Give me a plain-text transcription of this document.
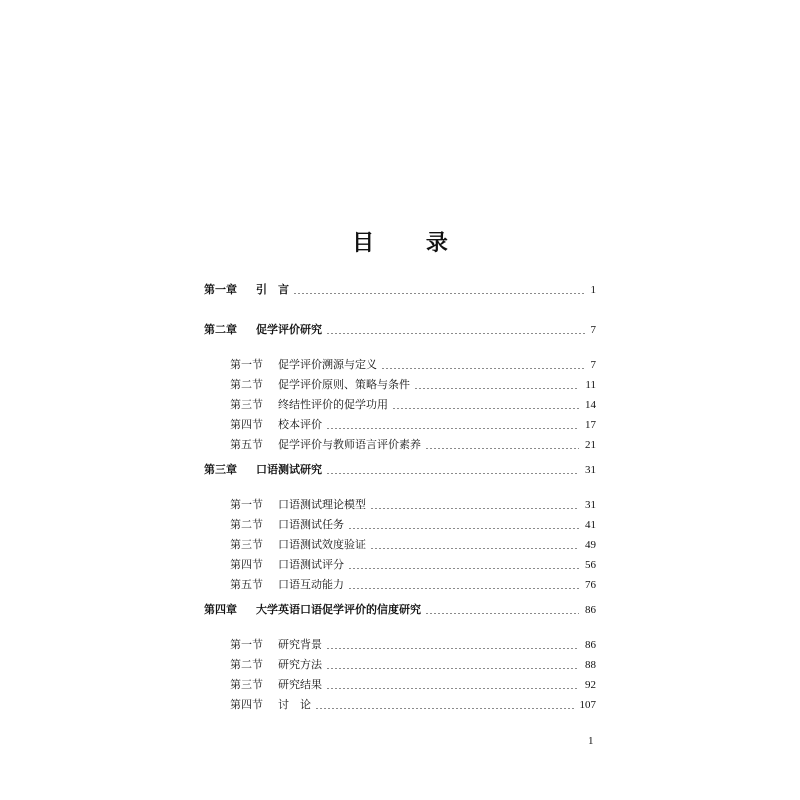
目 录
第一章	引　言	1
第二章	促学评价研究	7
第一节	促学评价溯源与定义	7
第二节	促学评价原则、策略与条件	11
第三节	终结性评价的促学功用	14
第四节	校本评价	17
第五节	促学评价与教师语言评价素养	21
第三章	口语测试研究	31
第一节	口语测试理论模型	31
第二节	口语测试任务	41
第三节	口语测试效度验证	49
第四节	口语测试评分	56
第五节	口语互动能力	76
第四章	大学英语口语促学评价的信度研究	86
第一节	研究背景	86
第二节	研究方法	88
第三节	研究结果	92
第四节	讨　论	107
1
